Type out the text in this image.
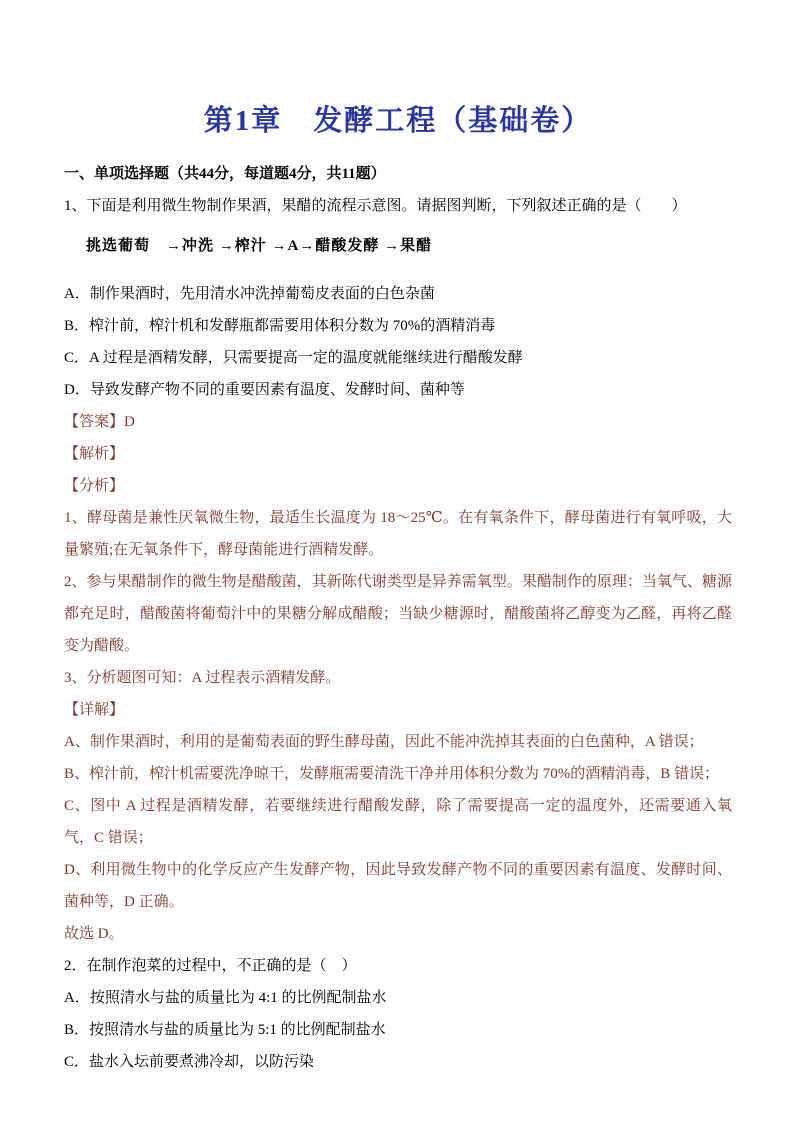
第1章　发酵工程（基础卷）
一、单项选择题（共44分，每道题4分，共11题）
1、下面是利用微生物制作果酒，果醋的流程示意图。请据图判断，下列叙述正确的是（　　）
挑选葡萄　→冲洗 →榨汁 →A→醋酸发酵 →果醋
A．制作果酒时，先用清水冲洗掉葡萄皮表面的白色杂菌
B．榨汁前，榨汁机和发酵瓶都需要用体积分数为 70%的酒精消毒
C．A 过程是酒精发酵，只需要提高一定的温度就能继续进行醋酸发酵
D．导致发酵产物不同的重要因素有温度、发酵时间、菌种等
【答案】D
【解析】
【分析】
1、酵母菌是兼性厌氧微生物，最适生长温度为 18～25℃。在有氧条件下，酵母菌进行有氧呼吸，大量繁殖;在无氧条件下，酵母菌能进行酒精发酵。
2、参与果醋制作的微生物是醋酸菌，其新陈代谢类型是异养需氧型。果醋制作的原理：当氧气、糖源都充足时，醋酸菌将葡萄汁中的果糖分解成醋酸；当缺少糖源时，醋酸菌将乙醇变为乙醛，再将乙醛变为醋酸。
3、分析题图可知：A 过程表示酒精发酵。
【详解】
A、制作果酒时，利用的是葡萄表面的野生酵母菌，因此不能冲洗掉其表面的白色菌种，A 错误；
B、榨汁前，榨汁机需要洗净晾干，发酵瓶需要清洗干净并用体积分数为 70%的酒精消毒，B 错误；
C、图中 A 过程是酒精发酵，若要继续进行醋酸发酵，除了需要提高一定的温度外，还需要通入氧气，C 错误；
D、利用微生物中的化学反应产生发酵产物，因此导致发酵产物不同的重要因素有温度、发酵时间、菌种等，D 正确。
故选 D。
2．在制作泡菜的过程中，不正确的是（　）
A．按照清水与盐的质量比为 4:1 的比例配制盐水
B．按照清水与盐的质量比为 5:1 的比例配制盐水
C．盐水入坛前要煮沸冷却，以防污染
